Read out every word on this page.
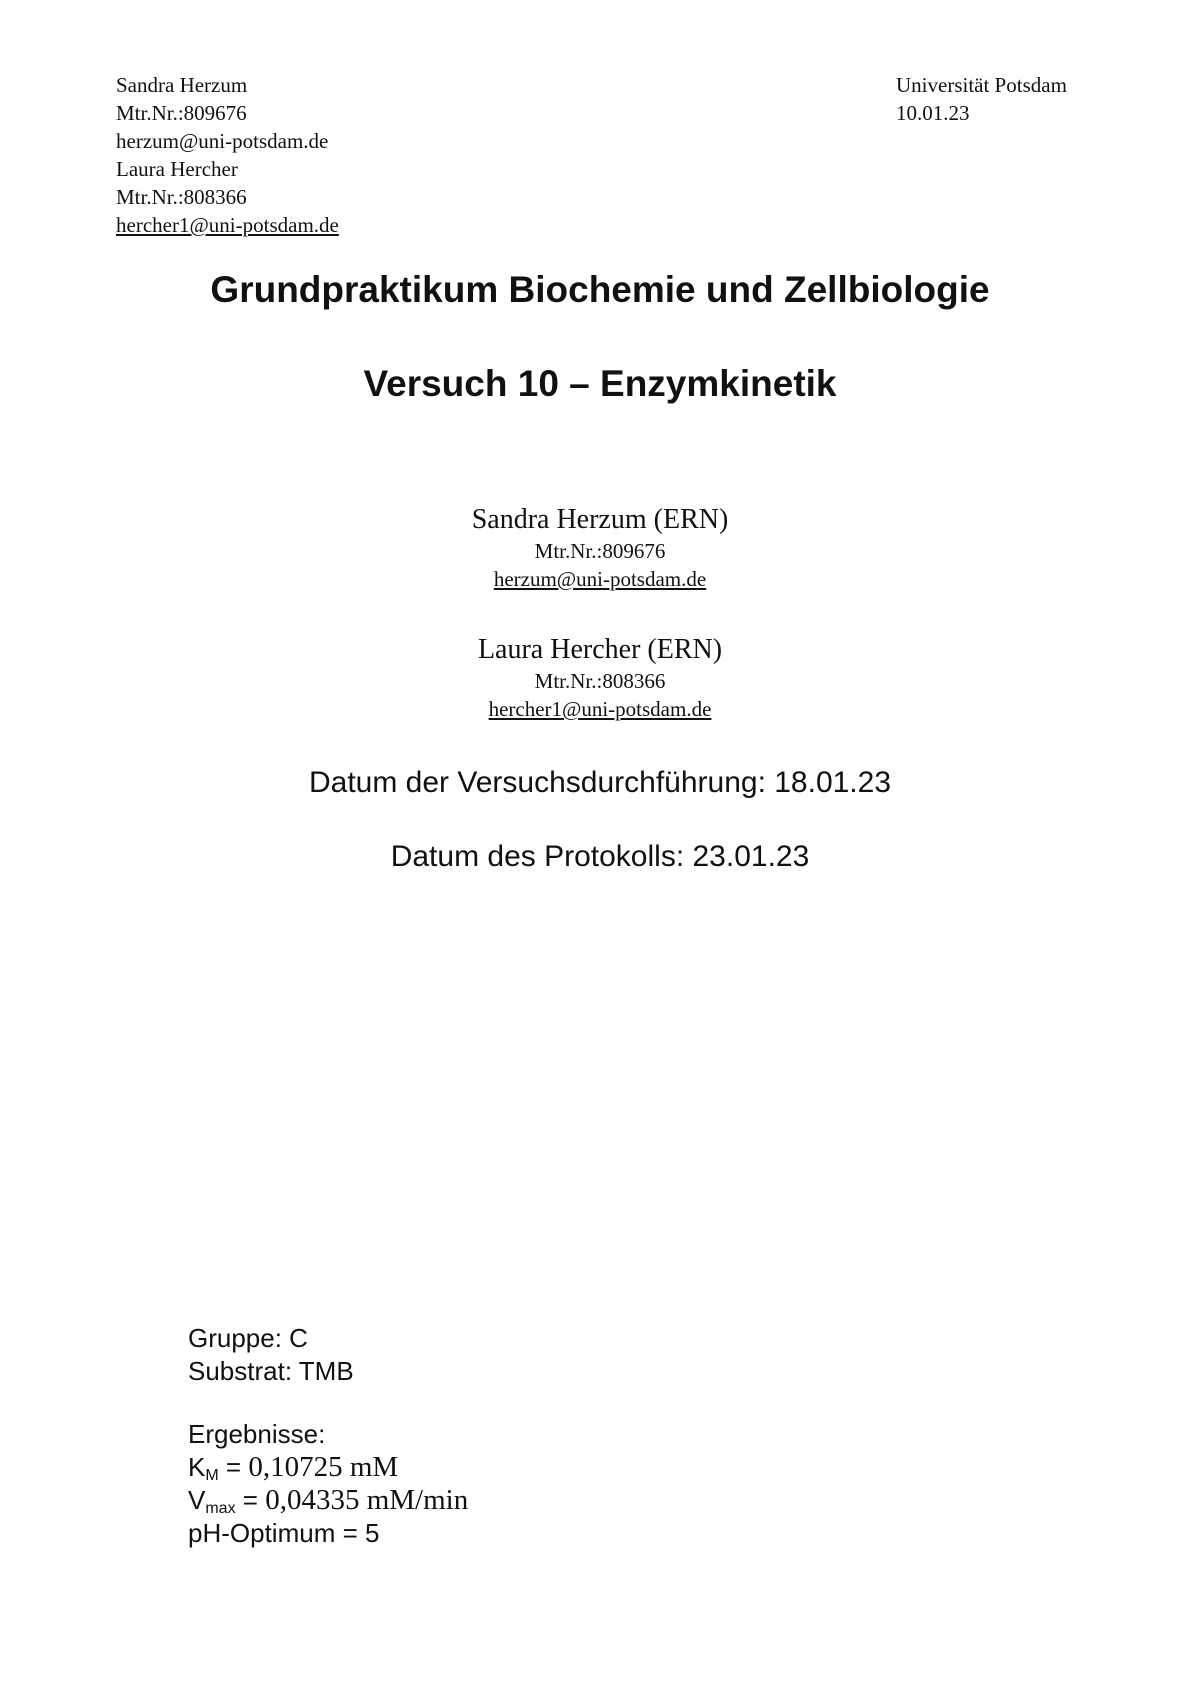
Sandra Herzum
Mtr.Nr.:809676
herzum@uni-potsdam.de
Laura Hercher
Mtr.Nr.:808366
hercher1@uni-potsdam.de
Universität Potsdam
10.01.23
Grundpraktikum Biochemie und Zellbiologie
Versuch 10 – Enzymkinetik
Sandra Herzum (ERN)
Mtr.Nr.:809676
herzum@uni-potsdam.de
Laura Hercher (ERN)
Mtr.Nr.:808366
hercher1@uni-potsdam.de
Datum der Versuchsdurchführung: 18.01.23
Datum des Protokolls: 23.01.23
Gruppe: C
Substrat: TMB
Ergebnisse:
$K_M = 0,10725$ mM
$V_{max} = 0,04335$ mM/min
pH-Optimum = 5
